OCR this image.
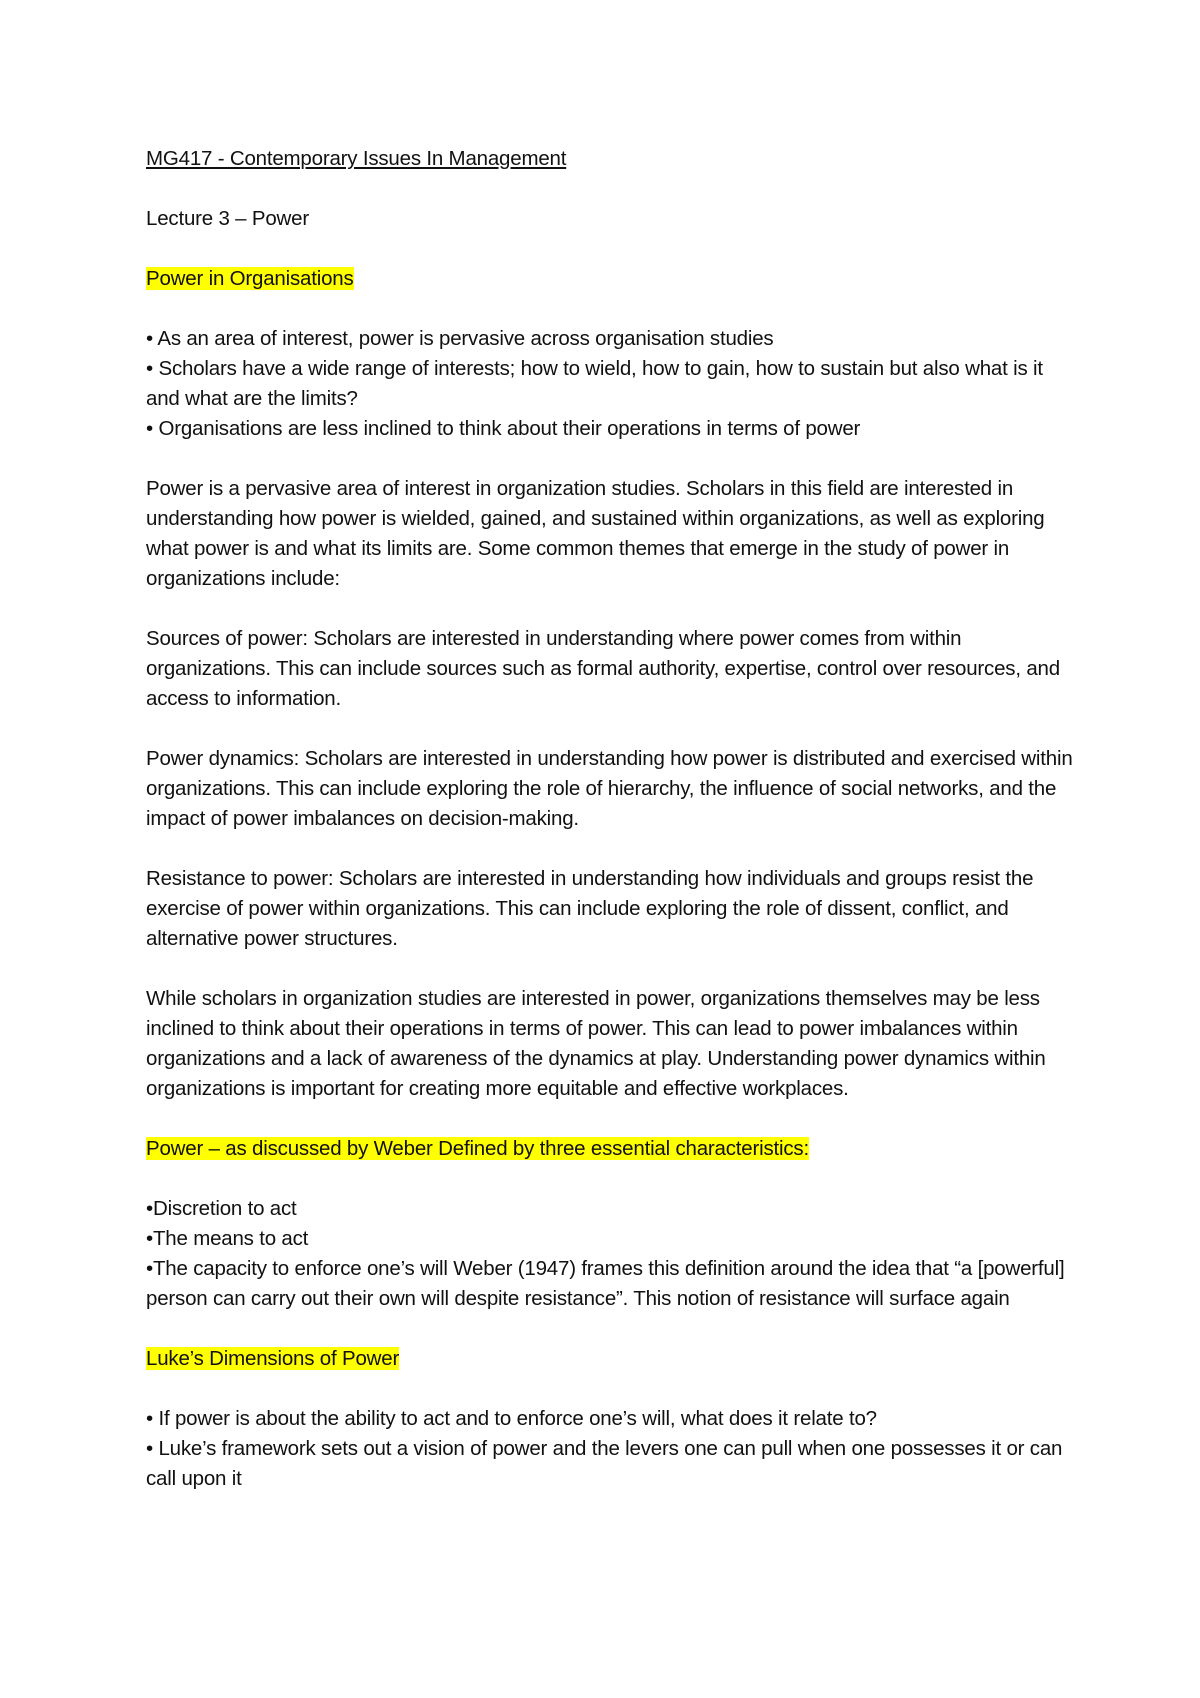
MG417 - Contemporary Issues In Management

Lecture 3 – Power

Power in Organisations

• As an area of interest, power is pervasive across organisation studies

• Scholars have a wide range of interests; how to wield, how to gain, how to sustain but also what is it and what are the limits?

• Organisations are less inclined to think about their operations in terms of power

Power is a pervasive area of interest in organization studies. Scholars in this field are interested in understanding how power is wielded, gained, and sustained within organizations, as well as exploring what power is and what its limits are. Some common themes that emerge in the study of power in organizations include:

Sources of power: Scholars are interested in understanding where power comes from within organizations. This can include sources such as formal authority, expertise, control over resources, and access to information.

Power dynamics: Scholars are interested in understanding how power is distributed and exercised within organizations. This can include exploring the role of hierarchy, the influence of social networks, and the impact of power imbalances on decision-making.

Resistance to power: Scholars are interested in understanding how individuals and groups resist the exercise of power within organizations. This can include exploring the role of dissent, conflict, and alternative power structures.

While scholars in organization studies are interested in power, organizations themselves may be less inclined to think about their operations in terms of power. This can lead to power imbalances within organizations and a lack of awareness of the dynamics at play. Understanding power dynamics within organizations is important for creating more equitable and effective workplaces.

Power – as discussed by Weber Defined by three essential characteristics:

•Discretion to act

•The means to act

•The capacity to enforce one’s will Weber (1947) frames this definition around the idea that “a [powerful] person can carry out their own will despite resistance”. This notion of resistance will surface again

Luke’s Dimensions of Power

• If power is about the ability to act and to enforce one’s will, what does it relate to?

• Luke’s framework sets out a vision of power and the levers one can pull when one possesses it or can call upon it
